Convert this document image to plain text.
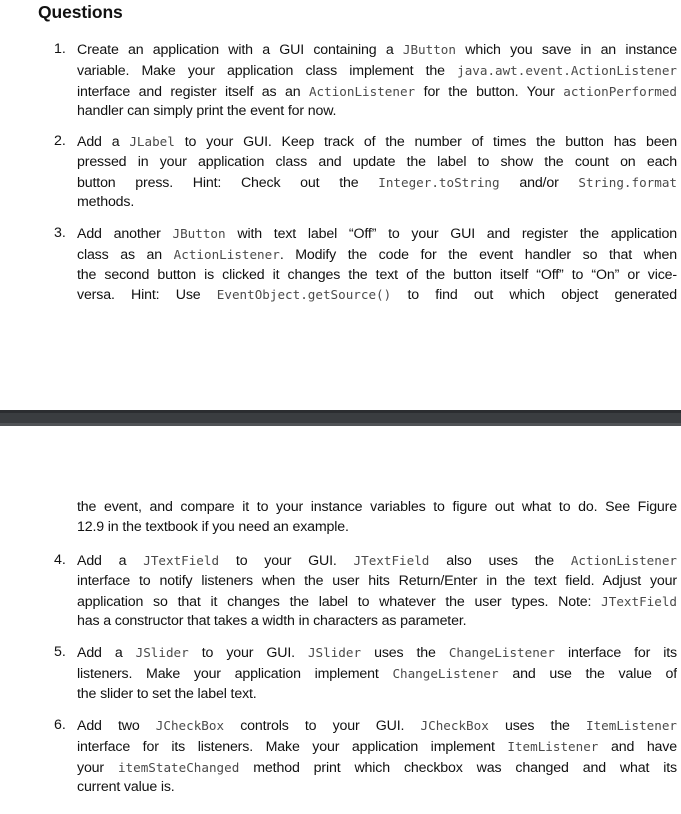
Questions
1. Create an application with a GUI containing a JButton which you save in an instance
variable. Make your application class implement the java.awt.event.ActionListener
interface and register itself as an ActionListener for the button. Your actionPerformed
handler can simply print the event for now.
2. Add a JLabel to your GUI. Keep track of the number of times the button has been
pressed in your application class and update the label to show the count on each
button press. Hint: Check out the Integer.toString and/or String.format
methods.
3. Add another JButton with text label “Off” to your GUI and register the application
class as an ActionListener. Modify the code for the event handler so that when
the second button is clicked it changes the text of the button itself “Off” to “On” or vice-
versa. Hint: Use EventObject.getSource() to find out which object generated
the event, and compare it to your instance variables to figure out what to do. See Figure
12.9 in the textbook if you need an example.
4. Add a JTextField to your GUI. JTextField also uses the ActionListener
interface to notify listeners when the user hits Return/Enter in the text field. Adjust your
application so that it changes the label to whatever the user types. Note: JTextField
has a constructor that takes a width in characters as parameter.
5. Add a JSlider to your GUI. JSlider uses the ChangeListener interface for its
listeners. Make your application implement ChangeListener and use the value of
the slider to set the label text.
6. Add two JCheckBox controls to your GUI. JCheckBox uses the ItemListener
interface for its listeners. Make your application implement ItemListener and have
your itemStateChanged method print which checkbox was changed and what its
current value is.
